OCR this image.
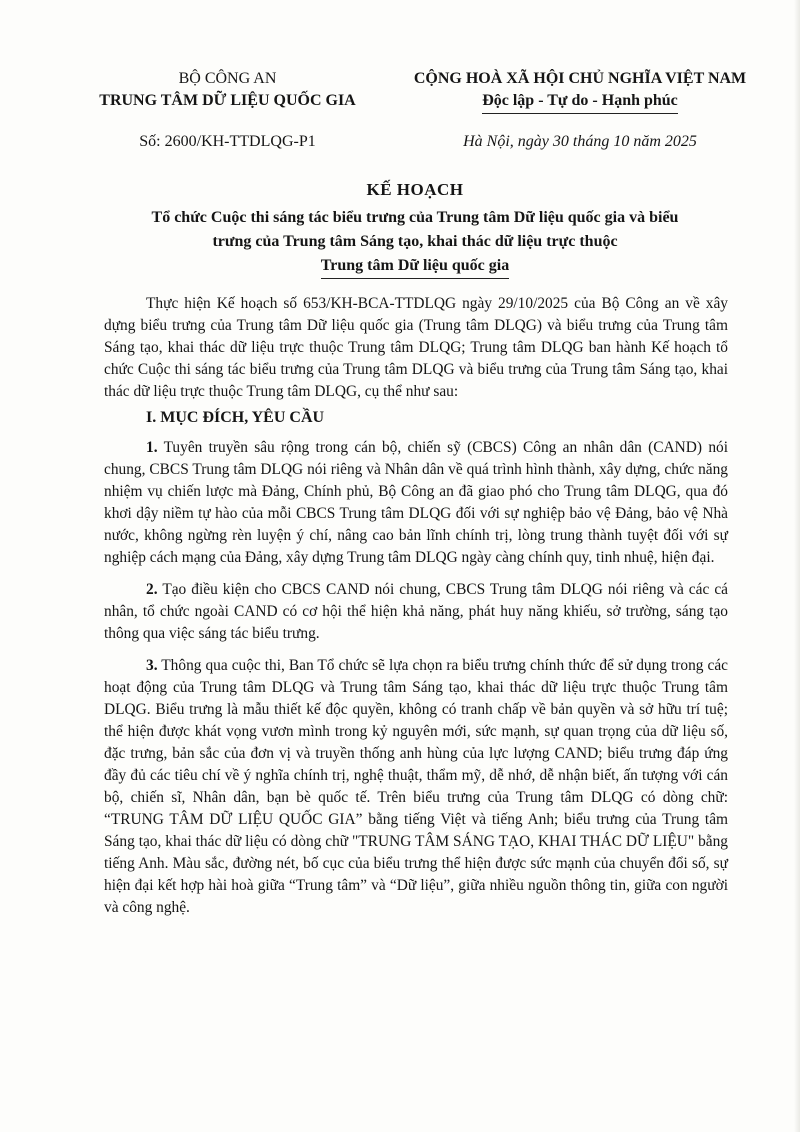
BỘ CÔNG AN
TRUNG TÂM DỮ LIỆU QUỐC GIA
CỘNG HOÀ XÃ HỘI CHỦ NGHĨA VIỆT NAM
Độc lập - Tự do - Hạnh phúc
Số: 2600/KH-TTDLQG-P1	Hà Nội, ngày 30 tháng 10 năm 2025
KẾ HOẠCH
Tổ chức Cuộc thi sáng tác biểu trưng của Trung tâm Dữ liệu quốc gia và biểu
trưng của Trung tâm Sáng tạo, khai thác dữ liệu trực thuộc
Trung tâm Dữ liệu quốc gia

Thực hiện Kế hoạch số 653/KH-BCA-TTDLQG ngày 29/10/2025 của Bộ Công an về xây dựng biểu trưng của Trung tâm Dữ liệu quốc gia (Trung tâm DLQG) và biểu trưng của Trung tâm Sáng tạo, khai thác dữ liệu trực thuộc Trung tâm DLQG; Trung tâm DLQG ban hành Kế hoạch tổ chức Cuộc thi sáng tác biểu trưng của Trung tâm DLQG và biểu trưng của Trung tâm Sáng tạo, khai thác dữ liệu trực thuộc Trung tâm DLQG, cụ thể như sau:

I. MỤC ĐÍCH, YÊU CẦU

1. Tuyên truyền sâu rộng trong cán bộ, chiến sỹ (CBCS) Công an nhân dân (CAND) nói chung, CBCS Trung tâm DLQG nói riêng và Nhân dân về quá trình hình thành, xây dựng, chức năng nhiệm vụ chiến lược mà Đảng, Chính phủ, Bộ Công an đã giao phó cho Trung tâm DLQG, qua đó khơi dậy niềm tự hào của mỗi CBCS Trung tâm DLQG đối với sự nghiệp bảo vệ Đảng, bảo vệ Nhà nước, không ngừng rèn luyện ý chí, nâng cao bản lĩnh chính trị, lòng trung thành tuyệt đối với sự nghiệp cách mạng của Đảng, xây dựng Trung tâm DLQG ngày càng chính quy, tinh nhuệ, hiện đại.

2. Tạo điều kiện cho CBCS CAND nói chung, CBCS Trung tâm DLQG nói riêng và các cá nhân, tổ chức ngoài CAND có cơ hội thể hiện khả năng, phát huy năng khiếu, sở trường, sáng tạo thông qua việc sáng tác biểu trưng.

3. Thông qua cuộc thi, Ban Tổ chức sẽ lựa chọn ra biểu trưng chính thức để sử dụng trong các hoạt động của Trung tâm DLQG và Trung tâm Sáng tạo, khai thác dữ liệu trực thuộc Trung tâm DLQG. Biểu trưng là mẫu thiết kế độc quyền, không có tranh chấp về bản quyền và sở hữu trí tuệ; thể hiện được khát vọng vươn mình trong kỷ nguyên mới, sức mạnh, sự quan trọng của dữ liệu số, đặc trưng, bản sắc của đơn vị và truyền thống anh hùng của lực lượng CAND; biểu trưng đáp ứng đầy đủ các tiêu chí về ý nghĩa chính trị, nghệ thuật, thẩm mỹ, dễ nhớ, dễ nhận biết, ấn tượng với cán bộ, chiến sĩ, Nhân dân, bạn bè quốc tế. Trên biểu trưng của Trung tâm DLQG có dòng chữ: “TRUNG TÂM DỮ LIỆU QUỐC GIA” bằng tiếng Việt và tiếng Anh; biểu trưng của Trung tâm Sáng tạo, khai thác dữ liệu có dòng chữ "TRUNG TÂM SÁNG TẠO, KHAI THÁC DỮ LIỆU" bằng tiếng Anh. Màu sắc, đường nét, bố cục của biểu trưng thể hiện được sức mạnh của chuyển đổi số, sự hiện đại kết hợp hài hoà giữa “Trung tâm” và “Dữ liệu”, giữa nhiều nguồn thông tin, giữa con người và công nghệ.
